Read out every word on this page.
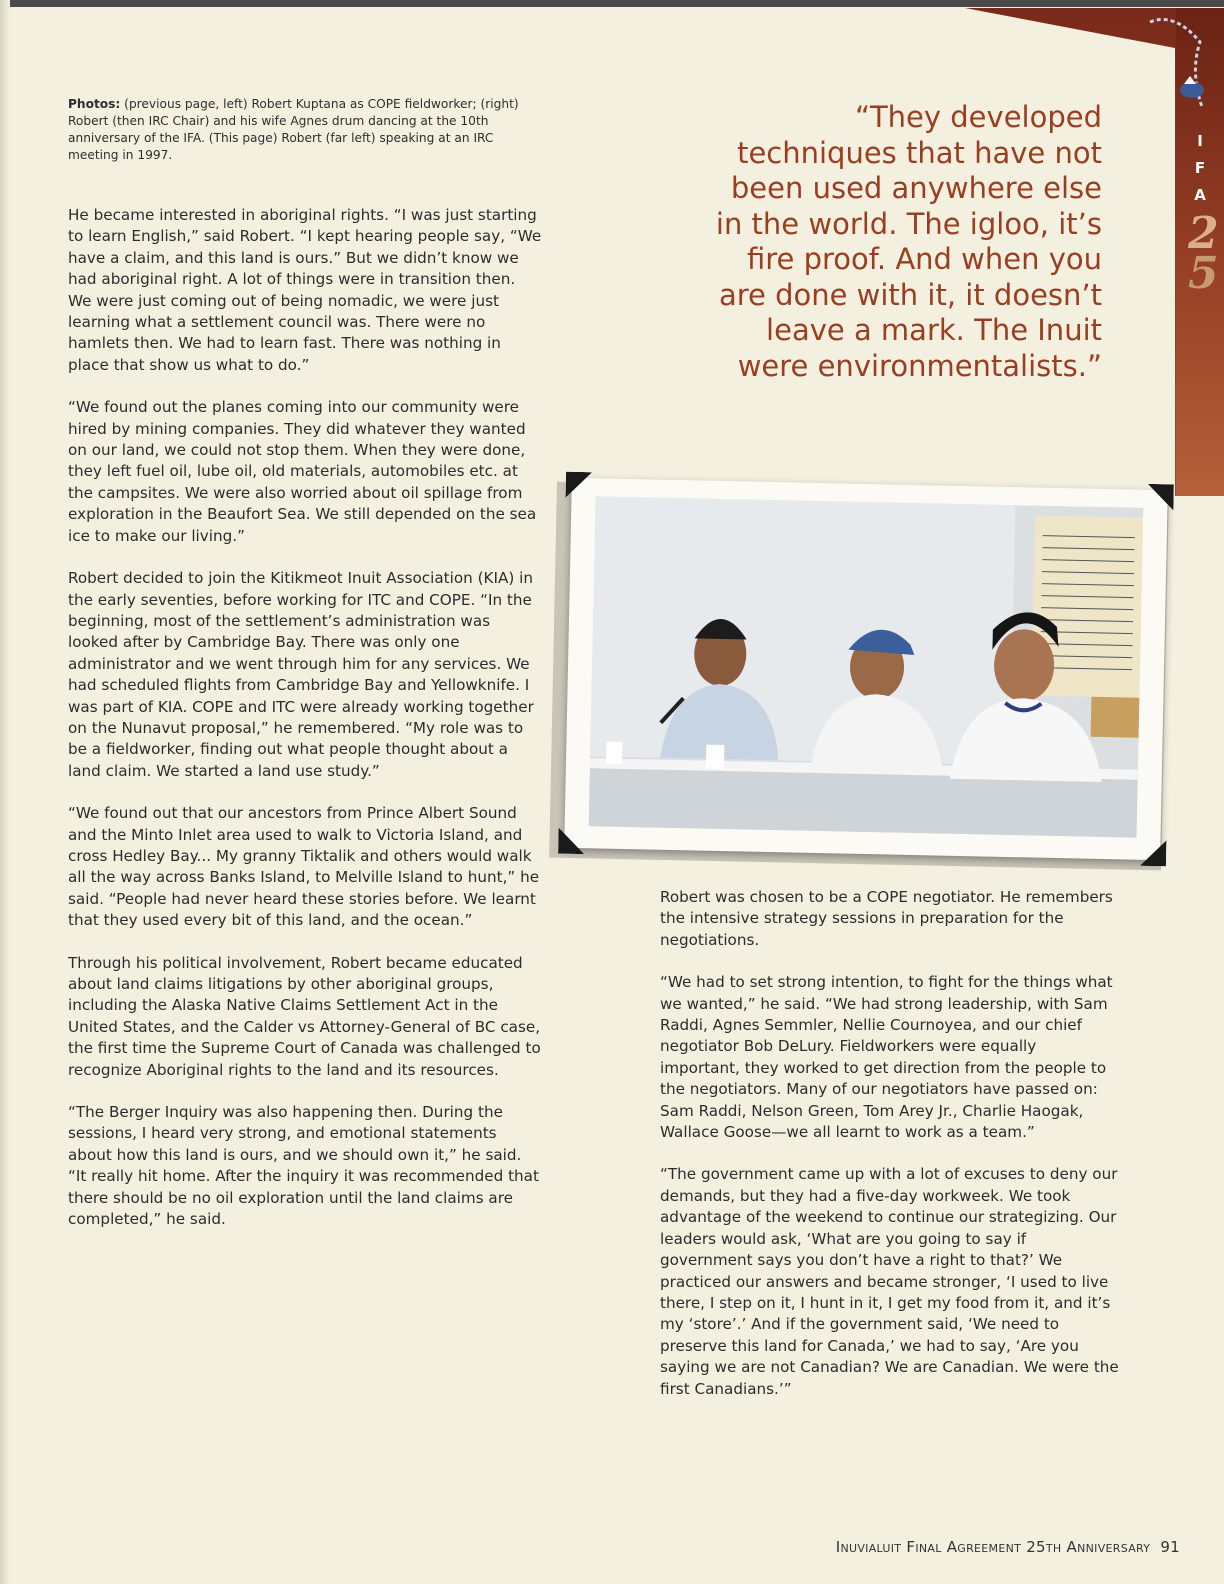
I
F
A
2
5
Photos: (previous page, left) Robert Kuptana as COPE fieldworker; (right) Robert (then IRC Chair) and his wife Agnes drum dancing at the 10th anniversary of the IFA. (This page) Robert (far left) speaking at an IRC meeting in 1997.
“They developed techniques that have not been used anywhere else in the world. The igloo, it’s fire proof. And when you are done with it, it doesn’t leave a mark. The Inuit were environmentalists.”

He became interested in aboriginal rights. “I was just starting to learn English,” said Robert. “I kept hearing people say, “We have a claim, and this land is ours.” But we didn’t know we had aboriginal right. A lot of things were in transition then. We were just coming out of being nomadic, we were just learning what a settlement council was. There were no hamlets then. We had to learn fast. There was nothing in place that show us what to do.”

“We found out the planes coming into our community were hired by mining companies. They did whatever they wanted on our land, we could not stop them. When they were done, they left fuel oil, lube oil, old materials, automobiles etc. at the campsites. We were also worried about oil spillage from exploration in the Beaufort Sea. We still depended on the sea ice to make our living.”

Robert decided to join the Kitikmeot Inuit Association (KIA) in the early seventies, before working for ITC and COPE. “In the beginning, most of the settlement’s administration was looked after by Cambridge Bay. There was only one administrator and we went through him for any services. We had scheduled flights from Cambridge Bay and Yellowknife. I was part of KIA. COPE and ITC were already working together on the Nunavut proposal,” he remembered. “My role was to be a fieldworker, finding out what people thought about a land claim. We started a land use study.”

“We found out that our ancestors from Prince Albert Sound and the Minto Inlet area used to walk to Victoria Island, and cross Hedley Bay... My granny Tiktalik and others would walk all the way across Banks Island, to Melville Island to hunt,” he said. “People had never heard these stories before. We learnt that they used every bit of this land, and the ocean.”

Through his political involvement, Robert became educated about land claims litigations by other aboriginal groups, including the Alaska Native Claims Settlement Act in the United States, and the Calder vs Attorney-General of BC case, the first time the Supreme Court of Canada was challenged to recognize Aboriginal rights to the land and its resources.

“The Berger Inquiry was also happening then. During the sessions, I heard very strong, and emotional statements about how this land is ours, and we should own it,” he said. “It really hit home. After the inquiry it was recommended that there should be no oil exploration until the land claims are completed,” he said.

Robert was chosen to be a COPE negotiator. He remembers the intensive strategy sessions in preparation for the negotiations.

“We had to set strong intention, to fight for the things what we wanted,” he said. “We had strong leadership, with Sam Raddi, Agnes Semmler, Nellie Cournoyea, and our chief negotiator Bob DeLury. Fieldworkers were equally important, they worked to get direction from the people to the negotiators. Many of our negotiators have passed on: Sam Raddi, Nelson Green, Tom Arey Jr., Charlie Haogak, Wallace Goose—we all learnt to work as a team.”

“The government came up with a lot of excuses to deny our demands, but they had a five-day workweek. We took advantage of the weekend to continue our strategizing. Our leaders would ask, ‘What are you going to say if government says you don’t have a right to that?’ We practiced our answers and became stronger, ‘I used to live there, I step on it, I hunt in it, I get my food from it, and it’s my ‘store’.’ And if the government said, ‘We need to preserve this land for Canada,’ we had to say, ‘Are you saying we are not Canadian? We are Canadian. We were the first Canadians.’”

Inuvialuit Final Agreement 25th Anniversary 91
